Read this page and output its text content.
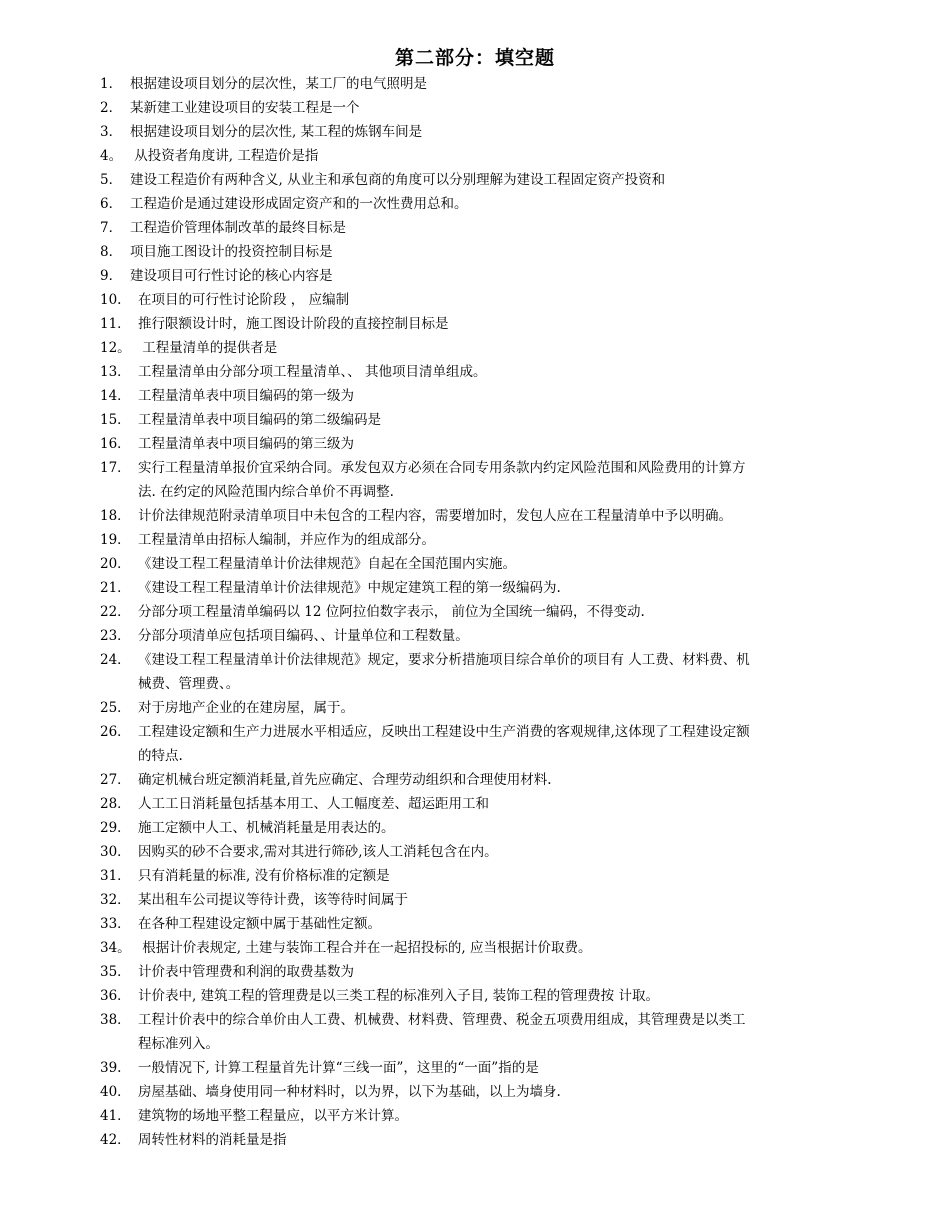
第二部分：填空题
1． 根据建设项目划分的层次性，某工厂的电气照明是
2． 某新建工业建设项目的安装工程是一个
3． 根据建设项目划分的层次性, 某工程的炼钢车间是
4。 从投资者角度讲, 工程造价是指
5． 建设工程造价有两种含义, 从业主和承包商的角度可以分别理解为建设工程固定资产投资和
6． 工程造价是通过建设形成固定资产和的一次性费用总和。
7． 工程造价管理体制改革的最终目标是
8． 项目施工图设计的投资控制目标是
9． 建设项目可行性讨论的核心内容是
10. 在项目的可行性讨论阶段 ， 应编制
11． 推行限额设计时，施工图设计阶段的直接控制目标是
12。 工程量清单的提供者是
13． 工程量清单由分部分项工程量清单、、 其他项目清单组成。
14． 工程量清单表中项目编码的第一级为
15． 工程量清单表中项目编码的第二级编码是
16． 工程量清单表中项目编码的第三级为
17． 实行工程量清单报价宜采纳合同。承发包双方必须在合同专用条款内约定风险范围和风险费用的计算方
法. 在约定的风险范围内综合单价不再调整.
18． 计价法律规范附录清单项目中未包含的工程内容，需要增加时，发包人应在工程量清单中予以明确。
19． 工程量清单由招标人编制，并应作为的组成部分。
20． 《建设工程工程量清单计价法律规范》自起在全国范围内实施。
21． 《建设工程工程量清单计价法律规范》中规定建筑工程的第一级编码为.
22． 分部分项工程量清单编码以 12 位阿拉伯数字表示， 前位为全国统一编码，不得变动.
23． 分部分项清单应包括项目编码、、计量单位和工程数量。
24． 《建设工程工程量清单计价法律规范》规定，要求分析措施项目综合单价的项目有 人工费、材料费、机
械费、管理费、。
25． 对于房地产企业的在建房屋，属于。
26． 工程建设定额和生产力进展水平相适应，反映出工程建设中生产消费的客观规律,这体现了工程建设定额
的特点.
27． 确定机械台班定额消耗量,首先应确定、合理劳动组织和合理使用材料.
28． 人工工日消耗量包括基本用工、人工幅度差、超运距用工和
29． 施工定额中人工、机械消耗量是用表达的。
30． 因购买的砂不合要求,需对其进行筛砂,该人工消耗包含在内。
31． 只有消耗量的标准, 没有价格标准的定额是
32． 某出租车公司提议等待计费，该等待时间属于
33． 在各种工程建设定额中属于基础性定额。
34。 根据计价表规定, 土建与装饰工程合并在一起招投标的, 应当根据计价取费。
35． 计价表中管理费和利润的取费基数为
36． 计价表中, 建筑工程的管理费是以三类工程的标准列入子目, 装饰工程的管理费按 计取。
38． 工程计价表中的综合单价由人工费、机械费、材料费、管理费、税金五项费用组成，其管理费是以类工
程标准列入。
39. 一般情况下, 计算工程量首先计算“三线一面”，这里的“一面”指的是
40． 房屋基础、墙身使用同一种材料时，以为界，以下为基础，以上为墙身.
41． 建筑物的场地平整工程量应，以平方米计算。
42． 周转性材料的消耗量是指
